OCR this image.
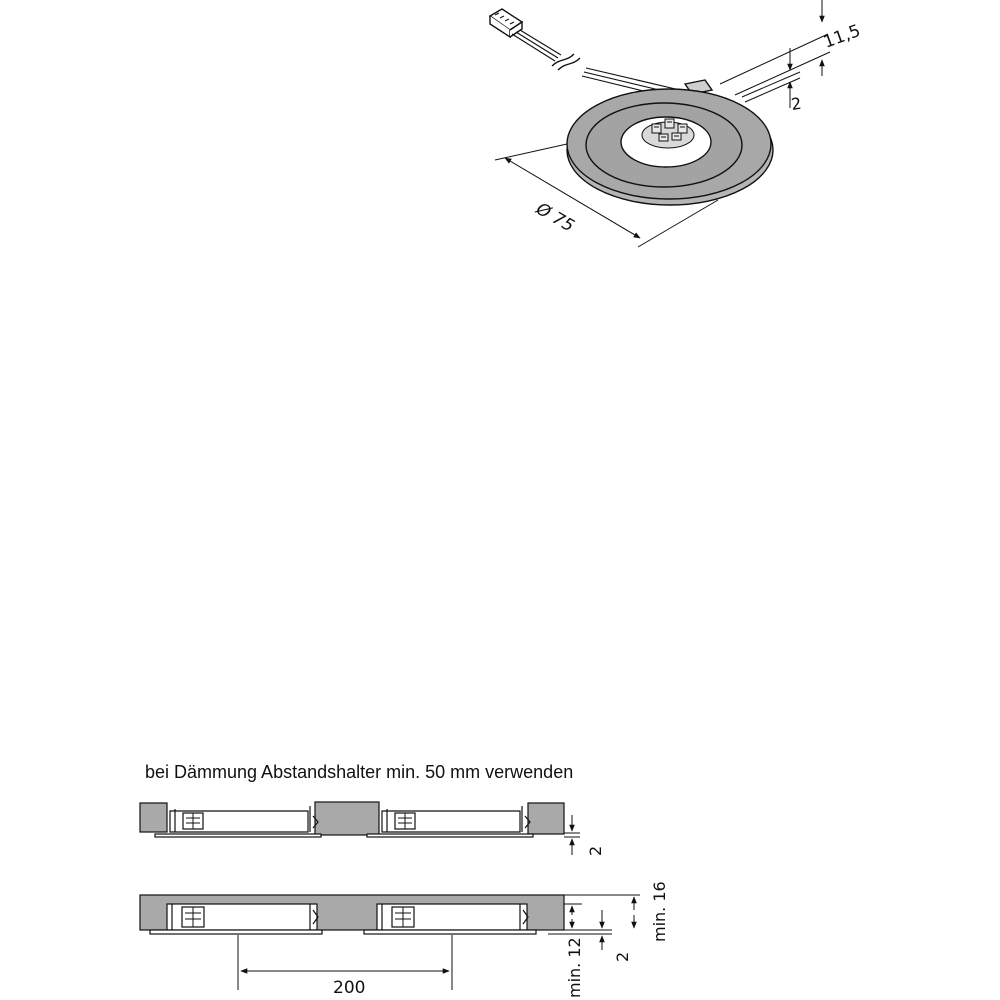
11,5
2
Ø 75
bei Dämmung Abstandshalter min. 50 mm verwenden
2
min. 12 2
min. 16
200
